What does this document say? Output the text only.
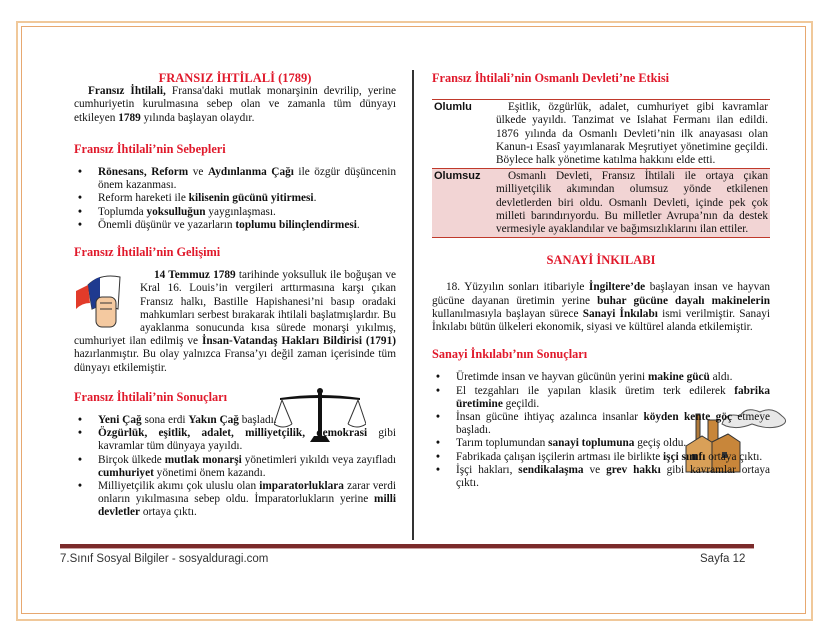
FRANSIZ İHTİLALİ (1789)

Fransız İhtilali, Fransa'daki mutlak monarşinin devrilip, yerine cumhuriyetin kurulmasına sebep olan ve zamanla tüm dünyayı etkileyen 1789 yılında başlayan olaydır.

Fransız İhtilali’nin Sebepleri
• Rönesans, Reform ve Aydınlanma Çağı ile özgür düşüncenin önem kazanması.
• Reform hareketi ile kilisenin gücünü yitirmesi.
• Toplumda yoksulluğun yaygınlaşması.
• Önemli düşünür ve yazarların toplumu bilinçlendirmesi.
Fransız İhtilali’nin Gelişimi

14 Temmuz 1789 tarihinde yoksulluk ile boğuşan ve Kral 16. Louis’in vergileri arttırmasına karşı çıkan Fransız halkı, Bastille Hapishanesi’ni basıp oradaki mahkumları serbest bırakarak ihtilali başlatmışlardır. Bu ayaklanma sonucunda kısa sürede monarşi yıkılmış, cumhuriyet ilan edilmiş ve İnsan-Vatandaş Hakları Bildirisi (1791) hazırlanmıştır. Bu olay yalnızca Fransa’yı değil zaman içerisinde tüm dünyayı etkilemiştir.

Fransız İhtilali’nin Sonuçları
• Yeni Çağ sona erdi Yakın Çağ başladı.
• Özgürlük, eşitlik, adalet, milliyetçilik, demokrasi gibi kavramlar tüm dünyaya yayıldı.
• Birçok ülkede mutlak monarşi yönetimleri yıkıldı veya zayıfladı cumhuriyet yönetimi önem kazandı.
• Milliyetçilik akımı çok uluslu olan imparatorluklara zarar verdi onların yıkılmasına sebep oldu. İmparatorlukların yerine milli devletler ortaya çıktı.
Fransız İhtilali’nin Osmanlı Devleti’ne Etkisi
Olumlu	Eşitlik, özgürlük, adalet, cumhuriyet gibi kavramlar ülkede yayıldı. Tanzimat ve Islahat Fermanı ilan edildi. 1876 yılında da Osmanlı Devleti’nin ilk anayasası olan Kanun-ı Esasî yayımlanarak Meşrutiyet yönetimine geçildi. Böylece halk yönetime katılma hakkını elde etti.
Olumsuz	Osmanlı Devleti, Fransız İhtilali ile ortaya çıkan milliyetçilik akımından olumsuz yönde etkilenen devletlerden biri oldu. Osmanlı Devleti, içinde pek çok milleti barındırıyordu. Bu milletler Avrupa’nın da destek vermesiyle ayaklandılar ve bağımsızlıklarını ilan ettiler.
SANAYİ İNKILABI

18. Yüzyılın sonları itibariyle İngiltere’de başlayan insan ve hayvan gücüne dayanan üretimin yerine buhar gücüne dayalı makinelerin kullanılmasıyla başlayan sürece Sanayi İnkılabı ismi verilmiştir. Sanayi İnkılabı bütün ülkeleri ekonomik, siyasi ve kültürel alanda etkilemiştir.

Sanayi İnkılabı’nın Sonuçları
• Üretimde insan ve hayvan gücünün yerini makine gücü aldı.
• El tezgahları ile yapılan klasik üretim terk edilerek fabrika üretimine geçildi.
• İnsan gücüne ihtiyaç azalınca insanlar köyden kente göç etmeye başladı.
• Tarım toplumundan sanayi toplumuna geçiş oldu.
• Fabrikada çalışan işçilerin artması ile birlikte işçi sınıfı ortaya çıktı.
• İşçi hakları, sendikalaşma ve grev hakkı gibi kavramlar ortaya çıktı.
7.Sınıf Sosyal Bilgiler - sosyalduragi.com	Sayfa 12
